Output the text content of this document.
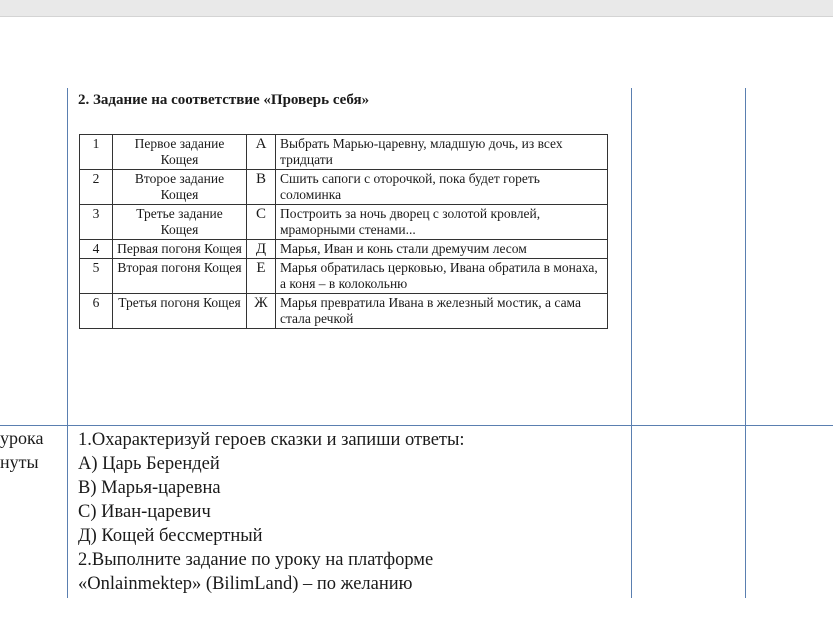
2. Задание на соответствие «Проверь себя»
1	Первое задание Кощея	А	Выбрать Марью-царевну, младшую дочь, из всех тридцати
2	Второе задание Кощея	В	Сшить сапоги с оторочкой, пока будет гореть соломинка
3	Третье задание Кощея	С	Построить за ночь дворец с золотой кровлей, мраморными стенами...
4	Первая погоня Кощея	Д	Марья, Иван и конь стали дремучим лесом
5	Вторая погоня Кощея	Е	Марья обратилась церковью, Ивана обратила в монаха, а коня – в колокольню
6	Третья погоня Кощея	Ж	Марья превратила Ивана в железный мостик, а сама стала речкой
урока
нуты
1.Охарактеризуй героев сказки и запиши ответы:
А) Царь Берендей
В) Марья-царевна
С) Иван-царевич
Д) Кощей бессмертный
2.Выполните задание по уроку на платформе
«Onlainmektep» (BilimLand) – по желанию
